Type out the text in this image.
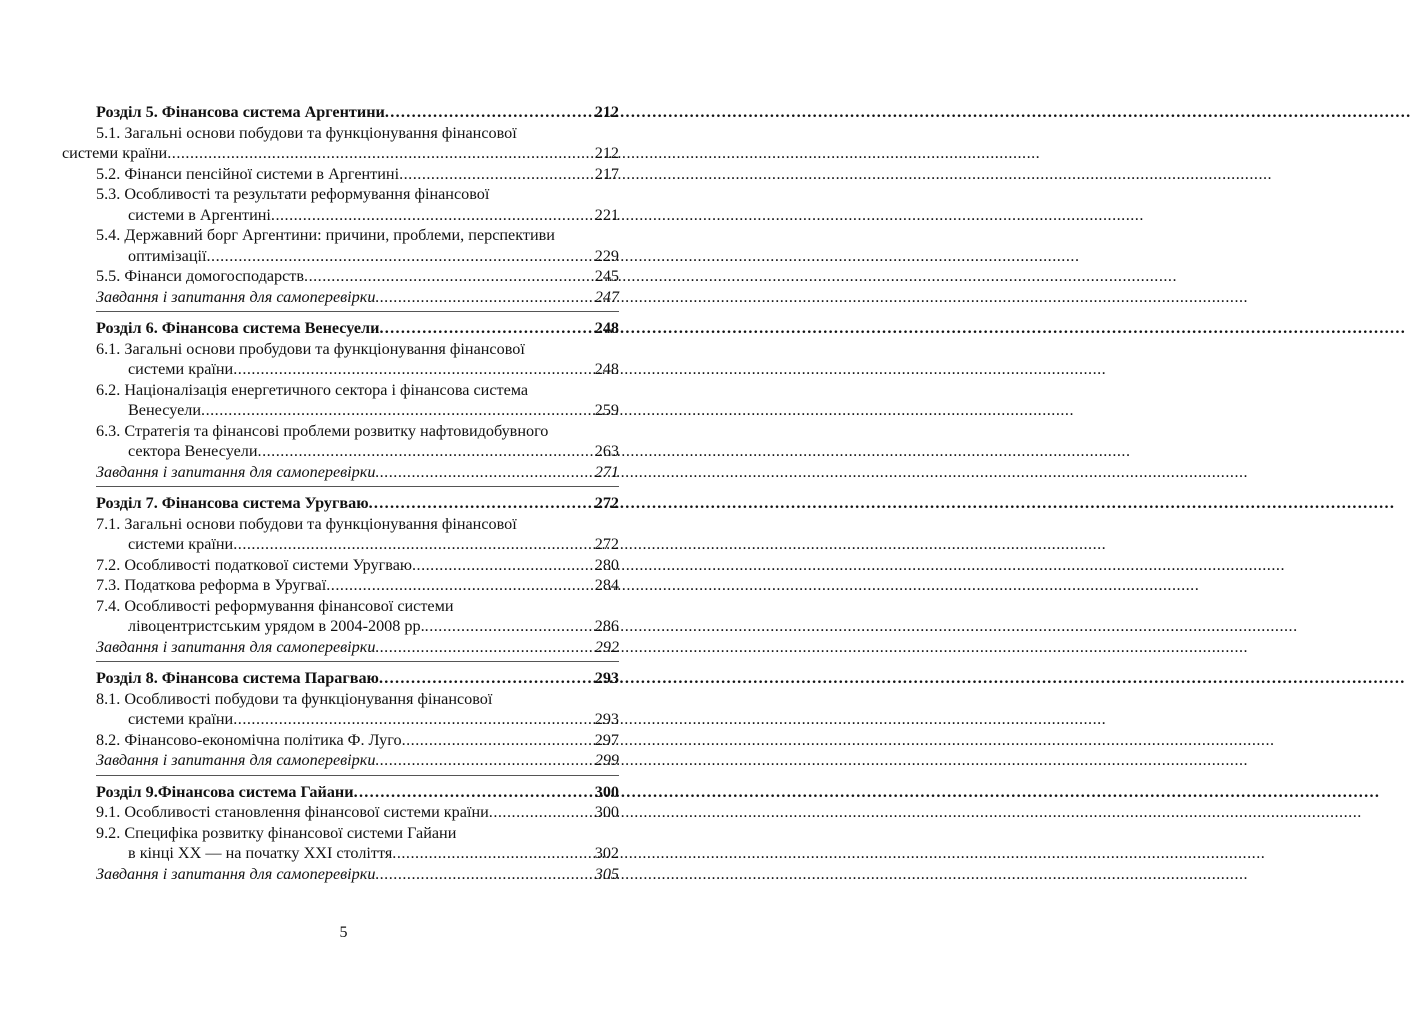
Розділ 5. Фінансова система Аргентини .....	212
5.1. Загальні основи побудови та функціонування фінансової
системи країни .....	212
5.2. Фінанси пенсійної системи в Аргентині .....	217
5.3. Особливості та результати реформування фінансової
системи в Аргентині .....	221
5.4. Державний борг Аргентини: причини, проблеми, перспективи
оптимізації .....	229
5.5. Фінанси домогосподарств .....	245
Завдання і запитання для самоперевірки .....	247
Розділ 6. Фінансова система Венесуели .....	248
6.1. Загальні основи пробудови та функціонування фінансової
системи країни .....	248
6.2. Націоналізація енергетичного сектора і фінансова система
Венесуели .....	259
6.3. Стратегія та фінансові проблеми розвитку нафтовидобувного
сектора Венесуели .....	263
Завдання і запитання для самоперевірки .....	271
Розділ 7. Фінансова система Уругваю .....	272
7.1. Загальні основи побудови та функціонування фінансової
системи країни .....	272
7.2. Особливості податкової системи Уругваю .....	280
7.3. Податкова реформа в Уругваї .....	284
7.4. Особливості реформування фінансової системи
лівоцентристським урядом в 2004-2008 рр. .....	286
Завдання і запитання для самоперевірки .....	292
Розділ 8. Фінансова система Парагваю .....	293
8.1. Особливості побудови та функціонування фінансової
системи країни .....	293
8.2. Фінансово-економічна політика Ф. Луго .....	297
Завдання і запитання для самоперевірки .....	299
Розділ 9.Фінансова система Гайани .....	300
9.1. Особливості становлення фінансової системи країни .....	300
9.2. Специфіка розвитку фінансової системи Гайани
в кінці XX — на початку XXI століття .....	302
Завдання і запитання для самоперевірки .....	305
5
